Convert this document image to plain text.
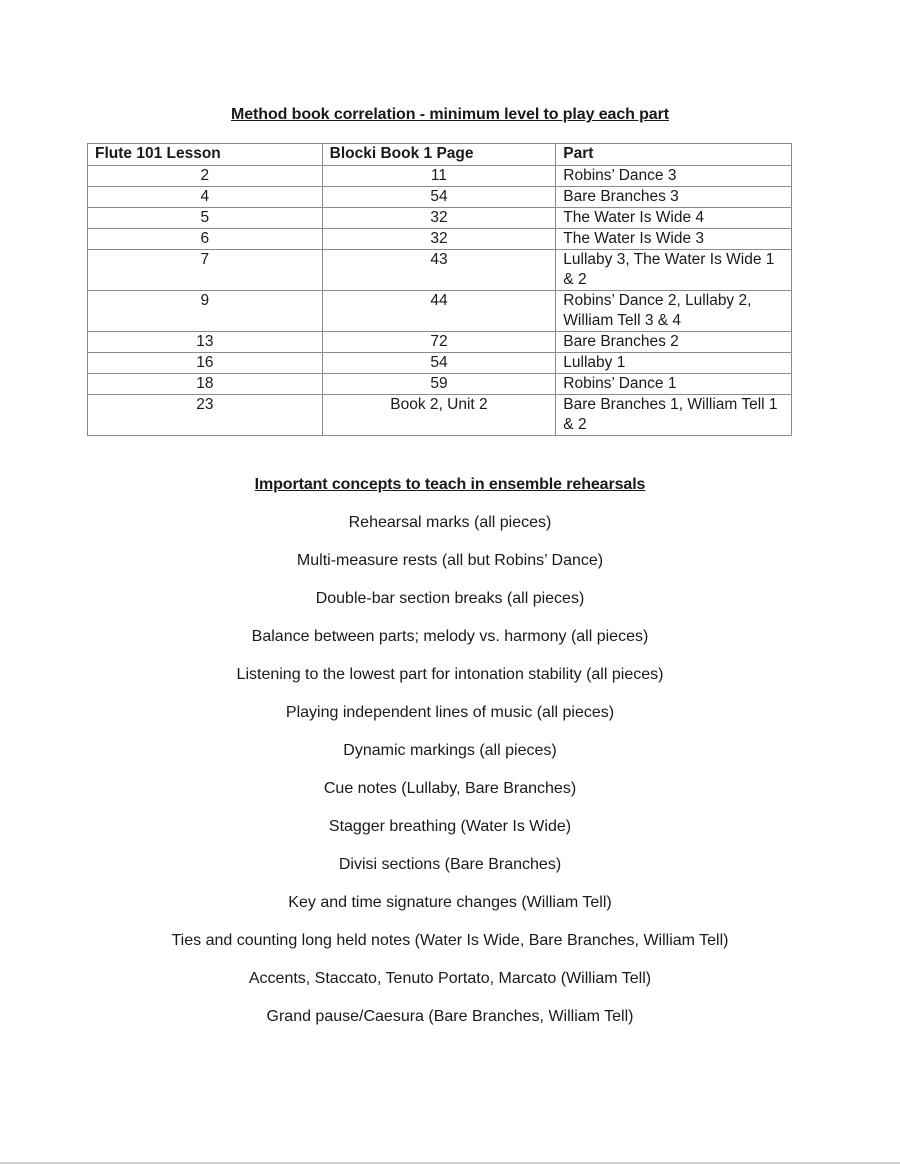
Method book correlation - minimum level to play each part
Flute 101 Lesson	Blocki Book 1 Page	Part
2	11	Robins’ Dance 3
4	54	Bare Branches 3
5	32	The Water Is Wide 4
6	32	The Water Is Wide 3
7	43	Lullaby 3, The Water Is Wide 1 & 2
9	44	Robins’ Dance 2, Lullaby 2, William Tell 3 & 4
13	72	Bare Branches 2
16	54	Lullaby 1
18	59	Robins’ Dance 1
23	Book 2, Unit 2	Bare Branches 1, William Tell 1 & 2
Important concepts to teach in ensemble rehearsals
Rehearsal marks (all pieces)
Multi-measure rests (all but Robins’ Dance)
Double-bar section breaks (all pieces)
Balance between parts; melody vs. harmony (all pieces)
Listening to the lowest part for intonation stability (all pieces)
Playing independent lines of music (all pieces)
Dynamic markings (all pieces)
Cue notes (Lullaby, Bare Branches)
Stagger breathing (Water Is Wide)
Divisi sections (Bare Branches)
Key and time signature changes (William Tell)
Ties and counting long held notes (Water Is Wide, Bare Branches, William Tell)
Accents, Staccato, Tenuto Portato, Marcato (William Tell)
Grand pause/Caesura (Bare Branches, William Tell)
